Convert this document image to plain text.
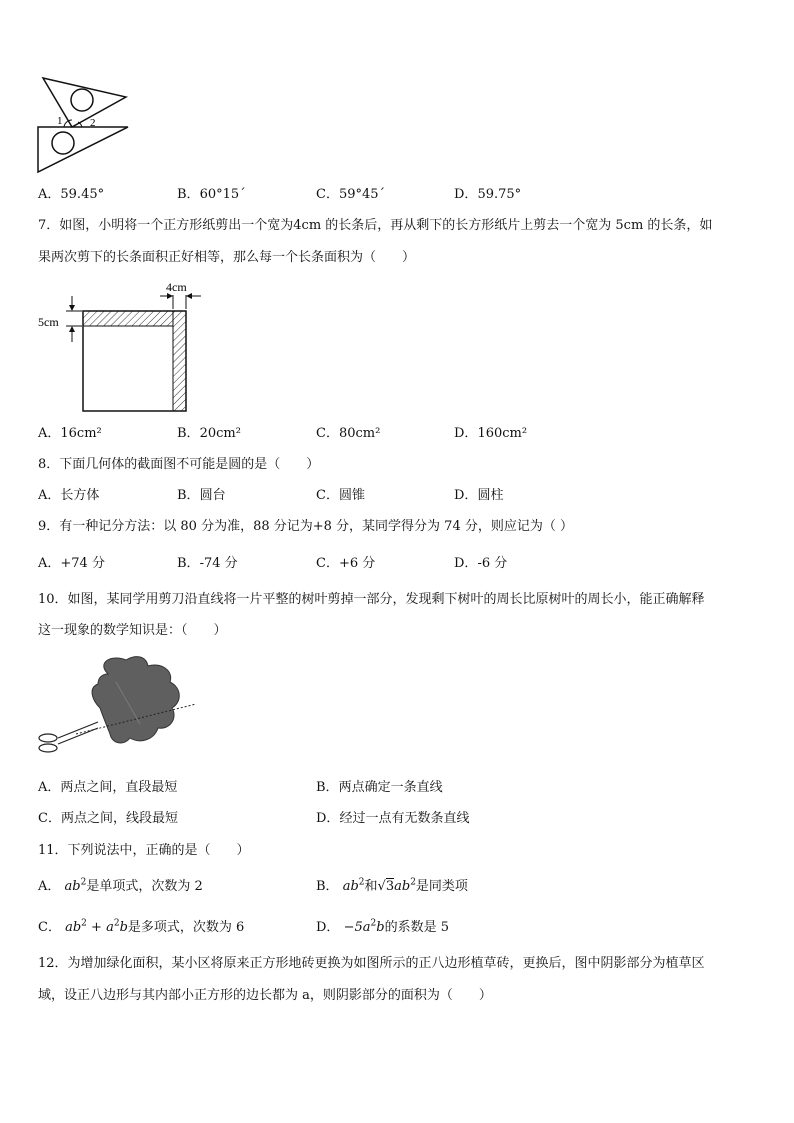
1	2
A．59.45°	B．60°15´	C．59°45´	D．59.75°
7．如图，小明将一个正方形纸剪出一个宽为4cm 的长条后，再从剩下的长方形纸片上剪去一个宽为 5cm 的长条，如
果两次剪下的长条面积正好相等，那么每一个长条面积为（　　）
4cm
5cm
A．16cm²	B．20cm²	C．80cm²	D．160cm²
8．下面几何体的截面图不可能是圆的是（　　）
A．长方体	B．圆台	C．圆锥	D．圆柱
9．有一种记分方法：以 80 分为准，88 分记为+8 分，某同学得分为 74 分，则应记为（ ）
A．+74 分	B．-74 分	C．+6 分	D．-6 分
10．如图，某同学用剪刀沿直线将一片平整的树叶剪掉一部分，发现剩下树叶的周长比原树叶的周长小，能正确解释
这一现象的数学知识是：（　　）
A．两点之间，直段最短	B．两点确定一条直线
C．两点之间，线段最短	D．经过一点有无数条直线
11．下列说法中，正确的是（　　）
A． $ab^2$是单项式，次数为 2	B． $ab^2$和$√3ab^2$是同类项
C． $ab^2 + a^2b$是多项式，次数为 6	D． $-5a^2b$的系数是 5
12．为增加绿化面积，某小区将原来正方形地砖更换为如图所示的正八边形植草砖，更换后，图中阴影部分为植草区
域，设正八边形与其内部小正方形的边长都为 a，则阴影部分的面积为（　　）
